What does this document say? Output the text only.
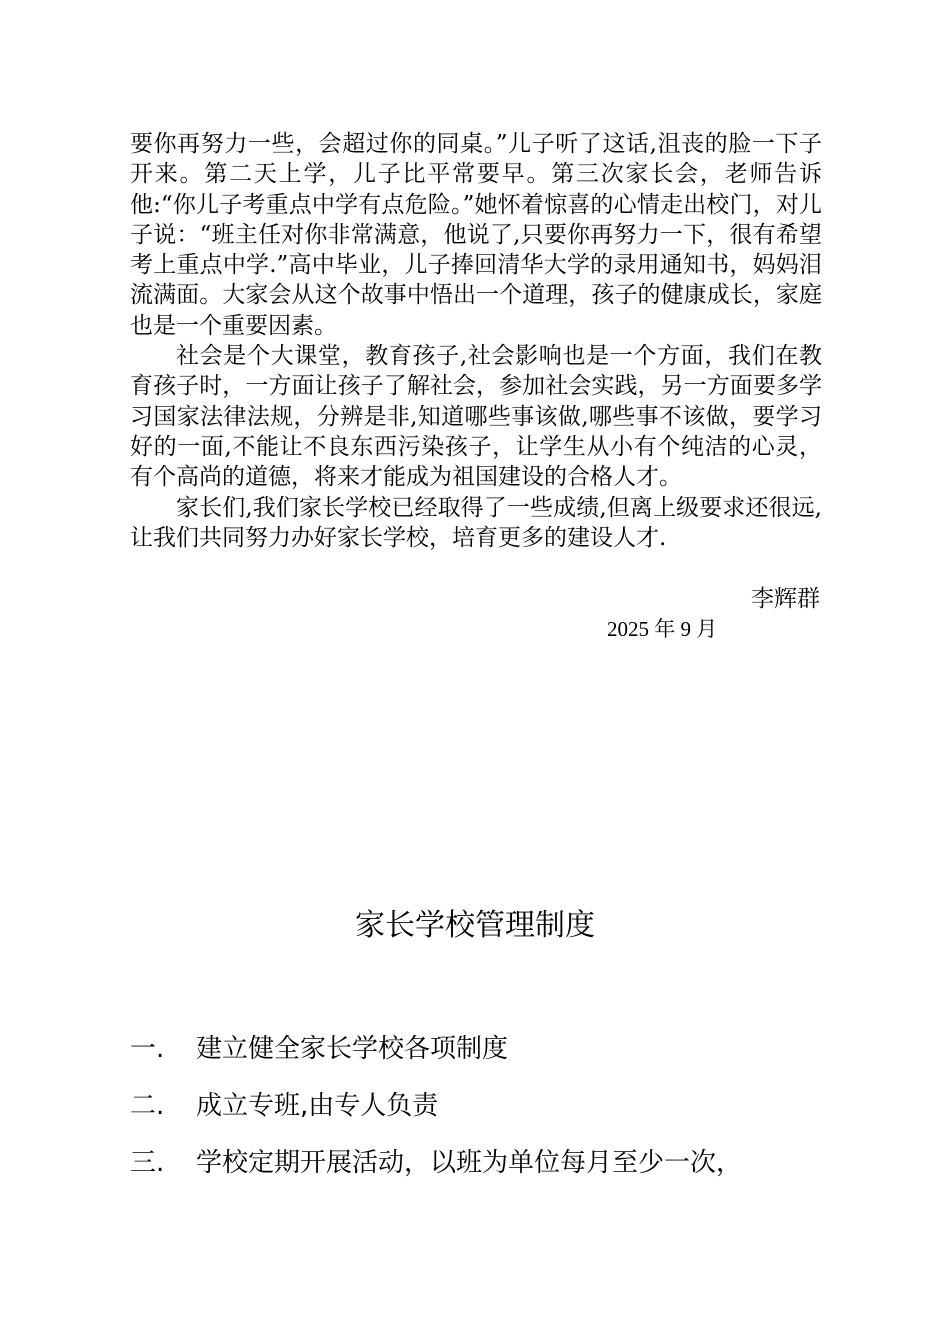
要你再努力一些，会超过你的同桌。”儿子听了这话,沮丧的脸一下子开来。第二天上学，儿子比平常要早。第三次家长会，老师告诉他:“你儿子考重点中学有点危险。”她怀着惊喜的心情走出校门，对儿子说：“班主任对你非常满意，他说了,只要你再努力一下，很有希望考上重点中学.”高中毕业，儿子捧回清华大学的录用通知书，妈妈泪流满面。大家会从这个故事中悟出一个道理，孩子的健康成长，家庭也是一个重要因素。

社会是个大课堂，教育孩子,社会影响也是一个方面，我们在教育孩子时，一方面让孩子了解社会，参加社会实践，另一方面要多学习国家法律法规，分辨是非,知道哪些事该做,哪些事不该做，要学习好的一面,不能让不良东西污染孩子，让学生从小有个纯洁的心灵，有个高尚的道德，将来才能成为祖国建设的合格人才。

家长们,我们家长学校已经取得了一些成绩,但离上级要求还很远,让我们共同努力办好家长学校，培育更多的建设人才.

李辉群
2025 年 9 月
家长学校管理制度
一.	建立健全家长学校各项制度
二.	成立专班,由专人负责
三.	学校定期开展活动，以班为单位每月至少一次，
